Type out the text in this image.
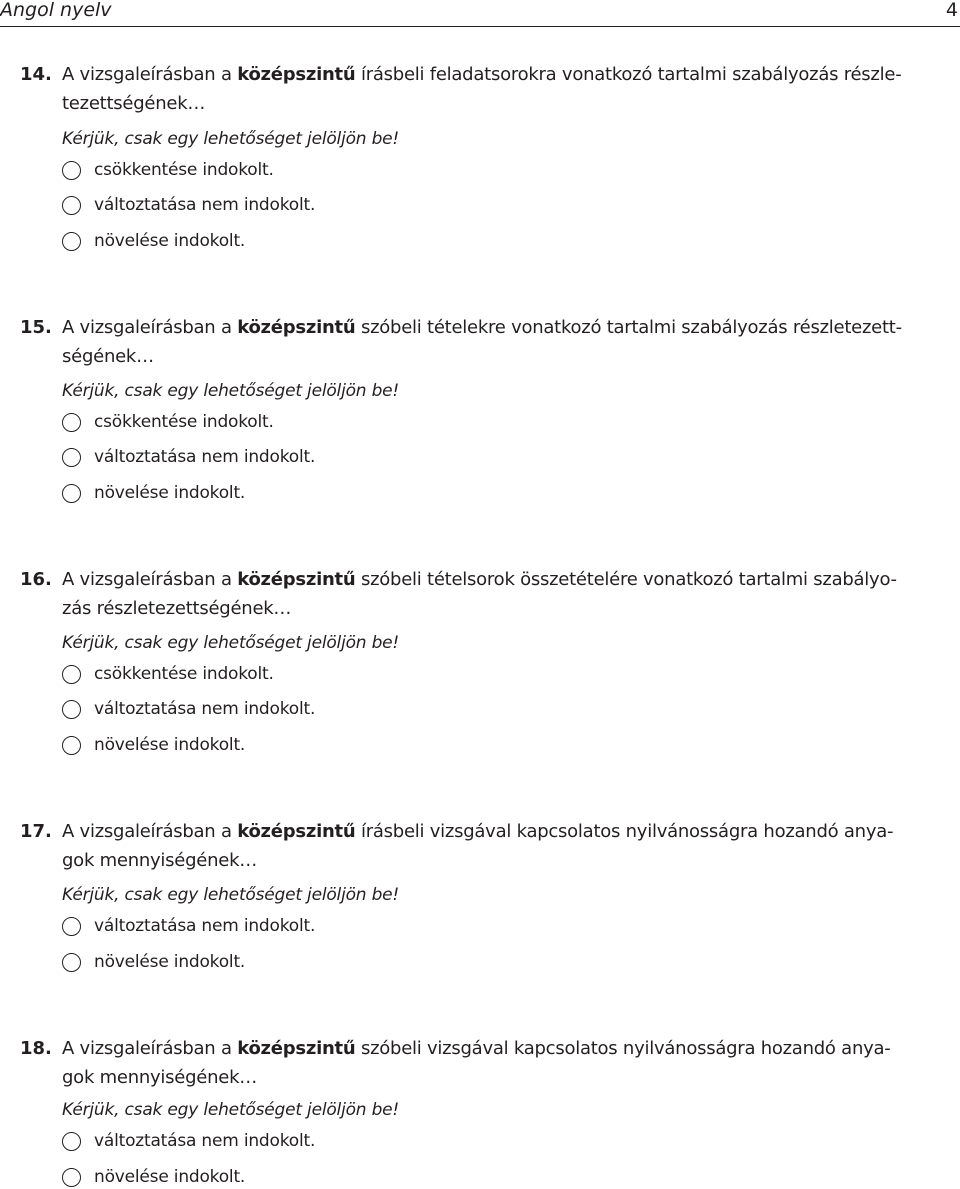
Angol nyelv	4
14. A vizsgaleírásban a középszintű írásbeli feladatsorokra vonatkozó tartalmi szabályozás részle-
tezettségének…
Kérjük, csak egy lehetőséget jelöljön be!
csökkentése indokolt.
változtatása nem indokolt.
növelése indokolt.
15. A vizsgaleírásban a középszintű szóbeli tételekre vonatkozó tartalmi szabályozás részletezett-
ségének…
Kérjük, csak egy lehetőséget jelöljön be!
csökkentése indokolt.
változtatása nem indokolt.
növelése indokolt.
16. A vizsgaleírásban a középszintű szóbeli tételsorok összetételére vonatkozó tartalmi szabályo-
zás részletezettségének…
Kérjük, csak egy lehetőséget jelöljön be!
csökkentése indokolt.
változtatása nem indokolt.
növelése indokolt.
17. A vizsgaleírásban a középszintű írásbeli vizsgával kapcsolatos nyilvánosságra hozandó anya-
gok mennyiségének…
Kérjük, csak egy lehetőséget jelöljön be!
változtatása nem indokolt.
növelése indokolt.
18. A vizsgaleírásban a középszintű szóbeli vizsgával kapcsolatos nyilvánosságra hozandó anya-
gok mennyiségének…
Kérjük, csak egy lehetőséget jelöljön be!
változtatása nem indokolt.
növelése indokolt.
